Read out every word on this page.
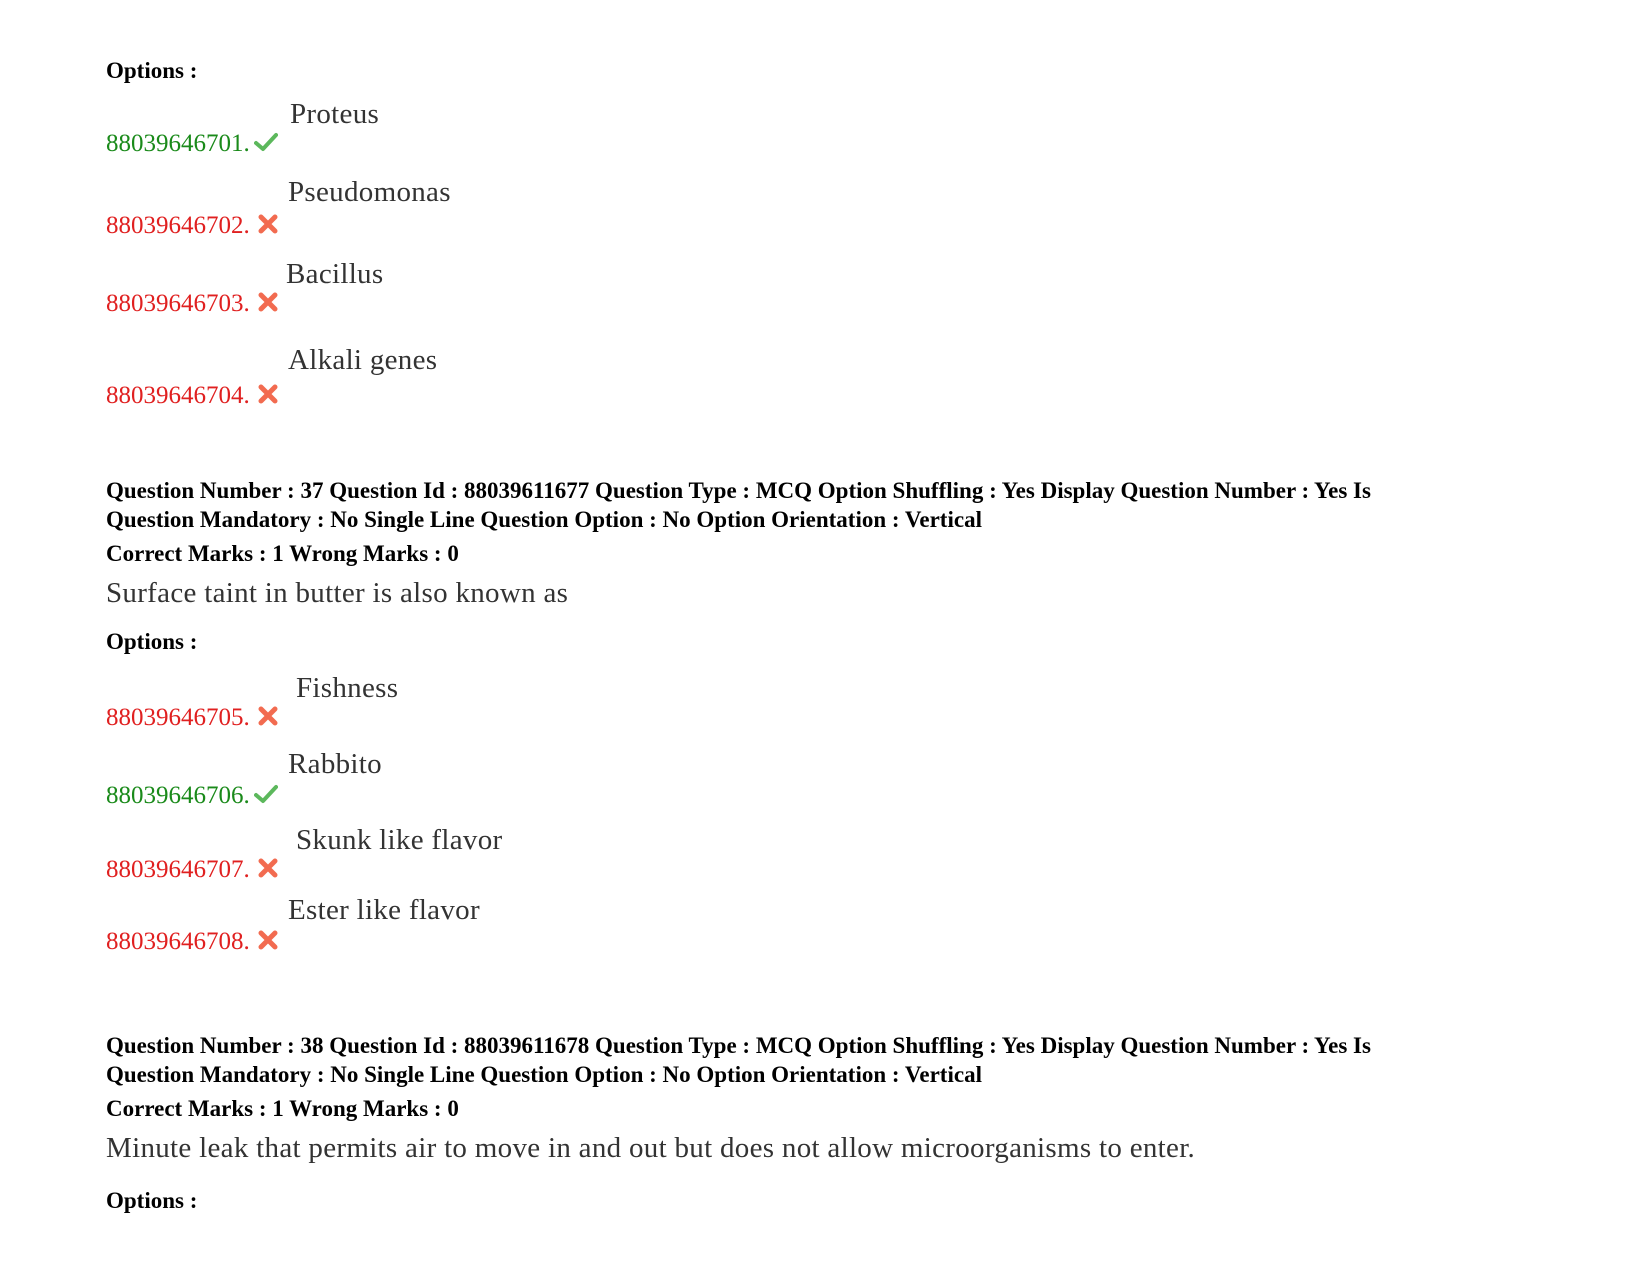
Options :
88039646701.
Proteus
88039646702.
Pseudomonas
88039646703.
Bacillus
88039646704.
Alkali genes
Question Number : 37 Question Id : 88039611677 Question Type : MCQ Option Shuffling : Yes Display Question Number : Yes Is
Question Mandatory : No Single Line Question Option : No Option Orientation : Vertical
Correct Marks : 1 Wrong Marks : 0
Surface taint in butter is also known as
Options :
88039646705.
Fishness
88039646706.
Rabbito
88039646707.
Skunk like flavor
88039646708.
Ester like flavor
Question Number : 38 Question Id : 88039611678 Question Type : MCQ Option Shuffling : Yes Display Question Number : Yes Is
Question Mandatory : No Single Line Question Option : No Option Orientation : Vertical
Correct Marks : 1 Wrong Marks : 0
Minute leak that permits air to move in and out but does not allow microorganisms to enter.
Options :
